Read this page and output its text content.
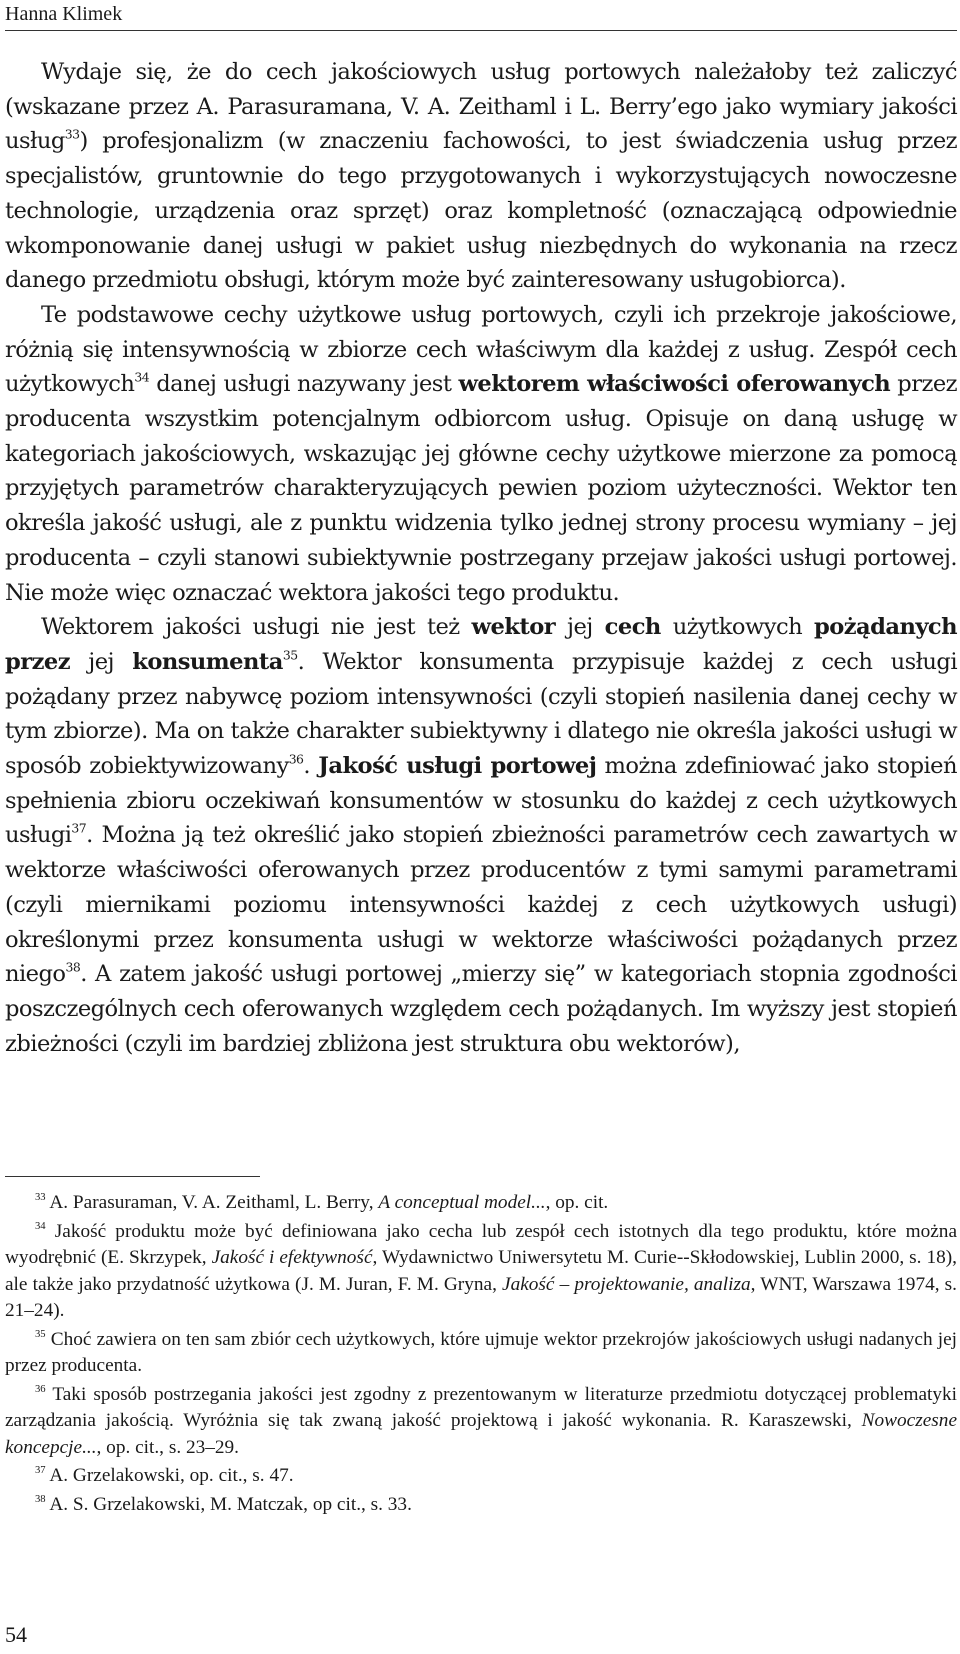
Hanna Klimek

Wydaje się, że do cech jakościowych usług portowych należałoby też zaliczyć (wskazane przez A. Parasuramana, V. A. Zeithaml i L. Berry’ego jako wymiary jakości usług$^{33}$) profesjonalizm (w znaczeniu fachowości, to jest świadczenia usług przez specjalistów, gruntownie do tego przygotowanych i wykorzystujących nowoczesne technologie, urządzenia oraz sprzęt) oraz kompletność (oznaczającą odpowiednie wkomponowanie danej usługi w pakiet usług niezbędnych do wykonania na rzecz danego przedmiotu obsługi, którym może być zainteresowany usługobiorca).

Te podstawowe cechy użytkowe usług portowych, czyli ich przekroje jakościowe, różnią się intensywnością w zbiorze cech właściwym dla każdej z usług. Zespół cech użytkowych$^{34}$ danej usługi nazywany jest wektorem właściwości oferowanych przez producenta wszystkim potencjalnym odbiorcom usług. Opisuje on daną usługę w kategoriach jakościowych, wskazując jej główne cechy użytkowe mierzone za pomocą przyjętych parametrów charakteryzujących pewien poziom użyteczności. Wektor ten określa jakość usługi, ale z punktu widzenia tylko jednej strony procesu wymiany – jej producenta – czyli stanowi subiektywnie postrzegany przejaw jakości usługi portowej. Nie może więc oznaczać wektora jakości tego produktu.

Wektorem jakości usługi nie jest też wektor jej cech użytkowych pożądanych przez jej konsumenta$^{35}$. Wektor konsumenta przypisuje każdej z cech usługi pożądany przez nabywcę poziom intensywności (czyli stopień nasilenia danej cechy w tym zbiorze). Ma on także charakter subiektywny i dlatego nie określa jakości usługi w sposób zobiektywizowany$^{36}$. Jakość usługi portowej można zdefiniować jako stopień spełnienia zbioru oczekiwań konsumentów w stosunku do każdej z cech użytkowych usługi$^{37}$. Można ją też określić jako stopień zbieżności parametrów cech zawartych w wektorze właściwości oferowanych przez producentów z tymi samymi parametrami (czyli miernikami poziomu intensywności każdej z cech użytkowych usługi) określonymi przez konsumenta usługi w wektorze właściwości pożądanych przez niego$^{38}$. A zatem jakość usługi portowej „mierzy się” w kategoriach stopnia zgodności poszczególnych cech oferowanych względem cech pożądanych. Im wyższy jest stopień zbieżności (czyli im bardziej zbliżona jest struktura obu wektorów),

$^{33}$ A. Parasuraman, V. A. Zeithaml, L. Berry, A conceptual model..., op. cit.

$^{34}$ Jakość produktu może być definiowana jako cecha lub zespół cech istotnych dla tego produktu, które można wyodrębnić (E. Skrzypek, Jakość i efektywność, Wydawnictwo Uniwersytetu M. Curie--Skłodowskiej, Lublin 2000, s. 18), ale także jako przydatność użytkowa (J. M. Juran, F. M. Gryna, Jakość – projektowanie, analiza, WNT, Warszawa 1974, s. 21–24).

$^{35}$ Choć zawiera on ten sam zbiór cech użytkowych, które ujmuje wektor przekrojów jakościowych usługi nadanych jej przez producenta.

$^{36}$ Taki sposób postrzegania jakości jest zgodny z prezentowanym w literaturze przedmiotu dotyczącej problematyki zarządzania jakością. Wyróżnia się tak zwaną jakość projektową i jakość wykonania. R. Karaszewski, Nowoczesne koncepcje..., op. cit., s. 23–29.

$^{37}$ A. Grzelakowski, op. cit., s. 47.

$^{38}$ A. S. Grzelakowski, M. Matczak, op cit., s. 33.

54
